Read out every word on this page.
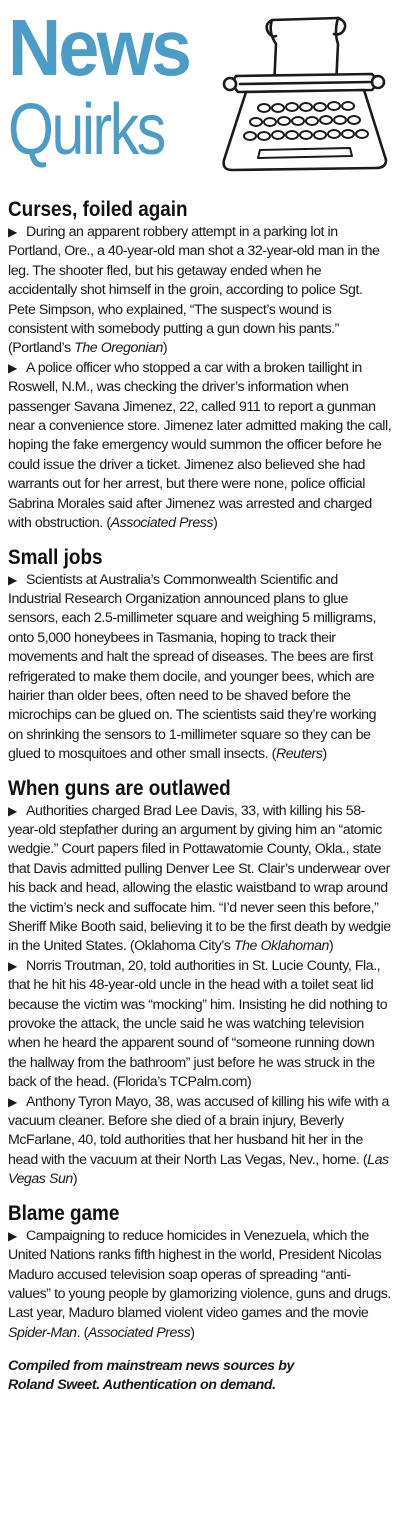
News
Quirks
Curses, foiled again

▶ During an apparent robbery attempt in a parking lot in Portland, Ore., a 40-year-old man shot a 32-year-old man in the leg. The shooter fled, but his getaway ended when he accidentally shot himself in the groin, according to police Sgt. Pete Simpson, who explained, “The suspect’s wound is consistent with somebody putting a gun down his pants.” (Portland’s The Oregonian)

▶ A police officer who stopped a car with a broken taillight in Roswell, N.M., was checking the driver’s information when passenger Savana Jimenez, 22, called 911 to report a gunman near a convenience store. Jimenez later admitted making the call, hoping the fake emergency would summon the officer before he could issue the driver a ticket. Jimenez also believed she had warrants out for her arrest, but there were none, police official Sabrina Morales said after Jimenez was arrested and charged with obstruction. (Associated Press)

Small jobs

▶ Scientists at Australia’s Commonwealth Scientific and Industrial Research Organization announced plans to glue sensors, each 2.5-millimeter square and weighing 5 milligrams, onto 5,000 honeybees in Tasmania, hoping to track their movements and halt the spread of diseases. The bees are first refrigerated to make them docile, and younger bees, which are hairier than older bees, often need to be shaved before the microchips can be glued on. The scientists said they’re working on shrinking the sensors to 1-millimeter square so they can be glued to mosquitoes and other small insects. (Reuters)

When guns are outlawed

▶ Authorities charged Brad Lee Davis, 33, with killing his 58-year-old stepfather during an argument by giving him an “atomic wedgie.” Court papers filed in Pottawatomie County, Okla., state that Davis admitted pulling Denver Lee St. Clair’s underwear over his back and head, allowing the elastic waistband to wrap around the victim’s neck and suffocate him. “I’d never seen this before,” Sheriff Mike Booth said, believing it to be the first death by wedgie in the United States. (Oklahoma City’s The Oklahoman)

▶ Norris Troutman, 20, told authorities in St. Lucie County, Fla., that he hit his 48-year-old uncle in the head with a toilet seat lid because the victim was “mocking” him. Insisting he did nothing to provoke the attack, the uncle said he was watching television when he heard the apparent sound of “someone running down the hallway from the bathroom” just before he was struck in the back of the head. (Florida’s TCPalm.com)

▶ Anthony Tyron Mayo, 38, was accused of killing his wife with a vacuum cleaner. Before she died of a brain injury, Beverly McFarlane, 40, told authorities that her husband hit her in the head with the vacuum at their North Las Vegas, Nev., home. (Las Vegas Sun)

Blame game

▶ Campaigning to reduce homicides in Venezuela, which the United Nations ranks fifth highest in the world, President Nicolas Maduro accused television soap operas of spreading “anti-values” to young people by glamorizing violence, guns and drugs. Last year, Maduro blamed violent video games and the movie Spider-Man. (Associated Press)

Compiled from mainstream news sources by
Roland Sweet. Authentication on demand.
